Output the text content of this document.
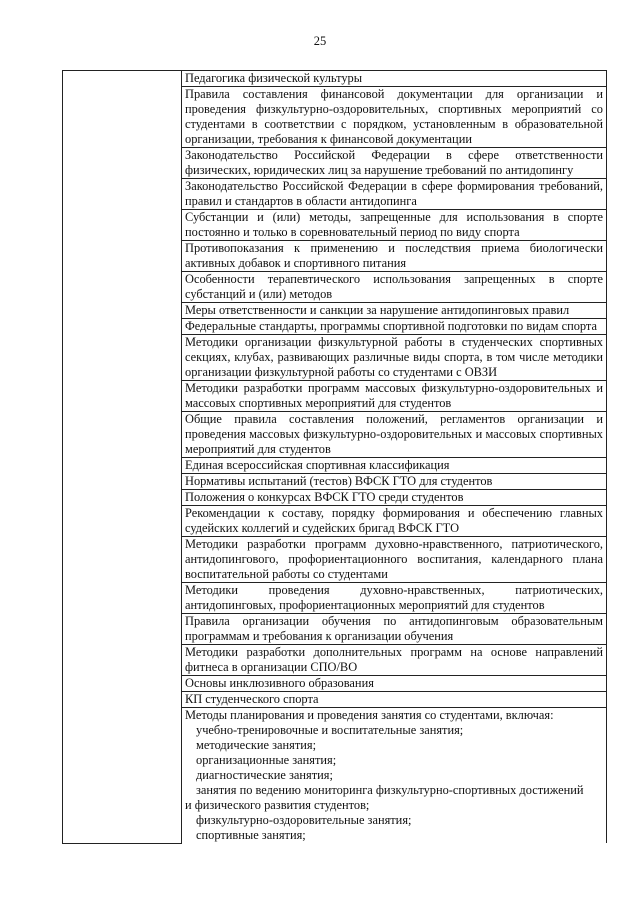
25
	Педагогика физической культуры
Правила составления финансовой документации для организации и проведения физкультурно-оздоровительных, спортивных мероприятий со студентами в соответствии с порядком, установленным в образовательной организации, требования к финансовой документации
Законодательство Российской Федерации в сфере ответственности физических, юридических лиц за нарушение требований по антидопингу
Законодательство Российской Федерации в сфере формирования требований, правил и стандартов в области антидопинга
Субстанции и (или) методы, запрещенные для использования в спорте постоянно и только в соревновательный период по виду спорта
Противопоказания к применению и последствия приема биологически активных добавок и спортивного питания
Особенности терапевтического использования запрещенных в спорте субстанций и (или) методов
Меры ответственности и санкции за нарушение антидопинговых правил
Федеральные стандарты, программы спортивной подготовки по видам спорта
Методики организации физкультурной работы в студенческих спортивных секциях, клубах, развивающих различные виды спорта, в том числе методики организации физкультурной работы со студентами с ОВЗИ
Методики разработки программ массовых физкультурно-оздоровительных и массовых спортивных мероприятий для студентов
Общие правила составления положений, регламентов организации и проведения массовых физкультурно-оздоровительных и массовых спортивных мероприятий для студентов
Единая всероссийская спортивная классификация
Нормативы испытаний (тестов) ВФСК ГТО для студентов
Положения о конкурсах ВФСК ГТО среди студентов
Рекомендации к составу, порядку формирования и обеспечению главных судейских коллегий и судейских бригад ВФСК ГТО
Методики разработки программ духовно-нравственного, патриотического, антидопингового, профориентационного воспитания, календарного плана воспитательной работы со студентами
Методики проведения духовно-нравственных, патриотических, антидопинговых, профориентационных мероприятий для студентов
Правила организации обучения по антидопинговым образовательным программам и требования к организации обучения
Методики разработки дополнительных программ на основе направлений фитнеса в организации СПО/ВО
Основы инклюзивного образования
КП студенческого спорта

Методы планирования и проведения занятия со студентами, включая:
учебно-тренировочные и воспитательные занятия;
методические занятия;
организационные занятия;
диагностические занятия;
занятия по ведению мониторинга физкультурно-спортивных достижений
и физического развития студентов;
физкультурно-оздоровительные занятия;
спортивные занятия;
